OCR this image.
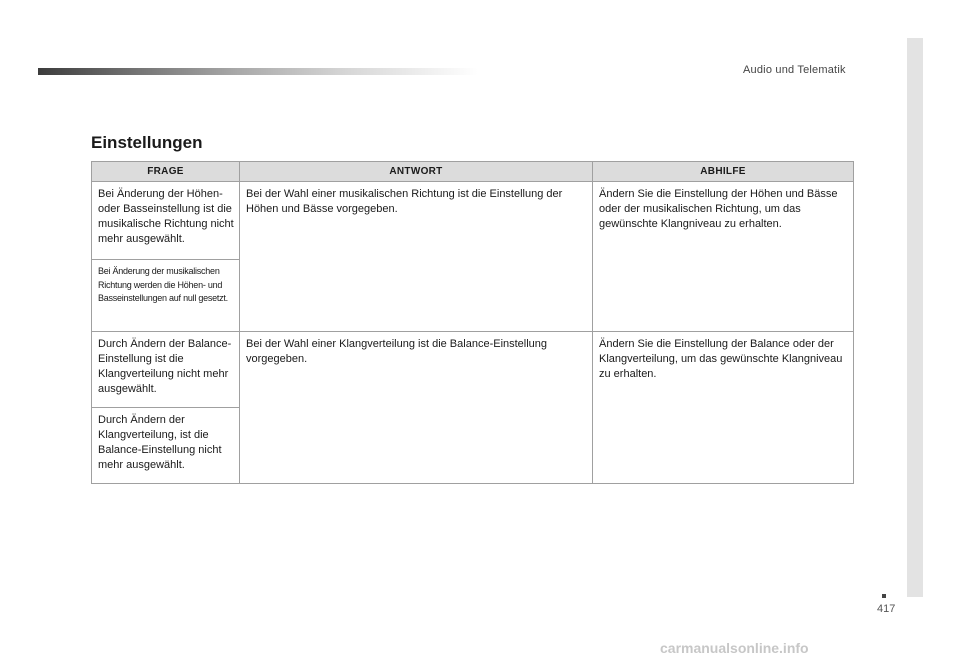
Audio und Telematik
417
Einstellungen
FRAGE	ANTWORT	ABHILFE
Bei Änderung der Höhen- oder Basseinstellung ist die musikalische Richtung nicht mehr ausgewählt.	Bei der Wahl einer musikalischen Richtung ist die Einstellung der Höhen und Bässe vorgegeben.	Ändern Sie die Einstellung der Höhen und Bässe oder der musikalischen Richtung, um das gewünschte Klangniveau zu erhalten.
Bei Änderung der musikalischen Richtung werden die Höhen- und Basseinstellungen auf null gesetzt.		
Durch Ändern der Balance-Einstellung ist die Klangverteilung nicht mehr ausgewählt.	Bei der Wahl einer Klangverteilung ist die Balance-Einstellung vorgegeben.	Ändern Sie die Einstellung der Balance oder der Klangverteilung, um das gewünschte Klangniveau zu erhalten.
Durch Ändern der Klangverteilung, ist die Balance-Einstellung nicht mehr ausgewählt.		
carmanualsonline.info
